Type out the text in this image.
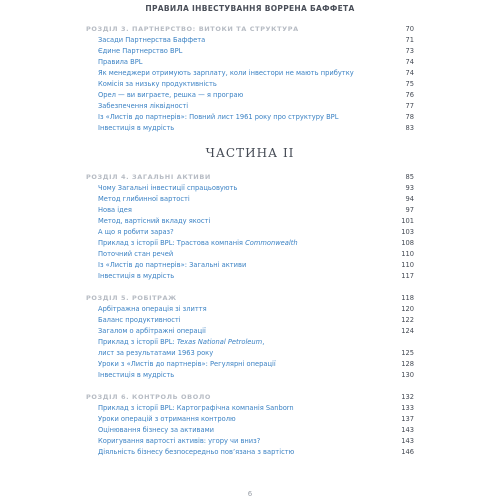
ПРАВИЛА ІНВЕСТУВАННЯ ВОРРЕНА БАФФЕТА
РОЗДІЛ 3. ПАРТНЕРСТВО: ВИТОКИ ТА СТРУКТУРА	70
Засади Партнерства Баффета	71
Єдине Партнерство BPL	73
Правила BPL	74
Як менеджери отримують зарплату, коли інвестори не мають прибутку	74
Комісія за низьку продуктивність	75
Орел — ви виграєте, решка — я програю	76
Забезпечення ліквідності	77
Із «Листів до партнерів»: Повний лист 1961 року про структуру BPL	78
Інвестиція в мудрість	83
ЧАСТИНА II
РОЗДІЛ 4. ЗАГАЛЬНІ АКТИВИ	85
Чому Загальні інвестиції спрацьовують	93
Метод глибинної вартості	94
Нова ідея	97
Метод, вартісний вкладу якості	101
А що я робити зараз?	103
Приклад з історії BPL: Трастова компанія Commonwealth	108
Поточний стан речей	110
Із «Листів до партнерів»: Загальні активи	110
Інвестиція в мудрість	117
РОЗДІЛ 5. РОБІТРАЖ	118
Арбітражна операція зі злиття	120
Баланс продуктивності	122
Загалом о арбітражні операції	124
Приклад з історії BPL: Texas National Petroleum,
лист за результатами 1963 року	125
Уроки з «Листів до партнерів»: Регулярні операції	128
Інвестиція в мудрість	130
РОЗДІЛ 6. КОНТРОЛЬ ОВОЛО	132
Приклад з історії BPL: Картографічна компанія Sanborn	133
Уроки операцій з отримання контролю	137
Оцінювання бізнесу за активами	143
Коригування вартості активів: угору чи вниз?	143
Діяльність бізнесу безпосередньо пов’язана з вартістю	146
6
